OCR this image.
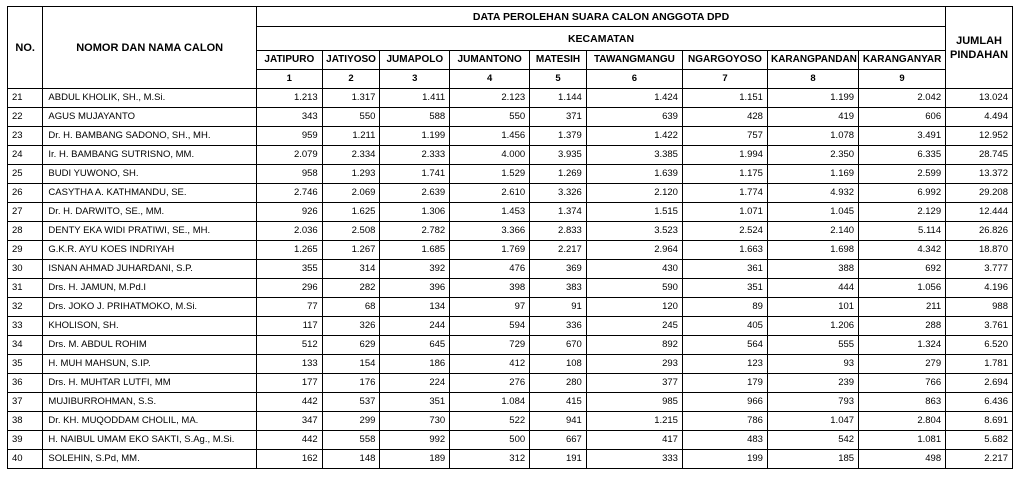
NO.	NOMOR DAN NAMA CALON	DATA PEROLEHAN SUARA CALON ANGGOTA DPD									JUMLAH
PINDAHAN
		KECAMATAN									
		JATIPURO	JATIYOSO	JUMAPOLO	JUMANTONO	MATESIH	TAWANGMANGU	NGARGOYOSO	KARANGPANDAN	KARANGANYAR	
		1	2	3	4	5	6	7	8	9	
21	ABDUL KHOLIK, SH., M.Si.	1.213	1.317	1.411	2.123	1.144	1.424	1.151	1.199	2.042	13.024
22	AGUS MUJAYANTO	343	550	588	550	371	639	428	419	606	4.494
23	Dr. H. BAMBANG SADONO, SH., MH.	959	1.211	1.199	1.456	1.379	1.422	757	1.078	3.491	12.952
24	Ir. H. BAMBANG SUTRISNO, MM.	2.079	2.334	2.333	4.000	3.935	3.385	1.994	2.350	6.335	28.745
25	BUDI YUWONO, SH.	958	1.293	1.741	1.529	1.269	1.639	1.175	1.169	2.599	13.372
26	CASYTHA A. KATHMANDU, SE.	2.746	2.069	2.639	2.610	3.326	2.120	1.774	4.932	6.992	29.208
27	Dr. H. DARWITO, SE., MM.	926	1.625	1.306	1.453	1.374	1.515	1.071	1.045	2.129	12.444
28	DENTY EKA WIDI PRATIWI, SE., MH.	2.036	2.508	2.782	3.366	2.833	3.523	2.524	2.140	5.114	26.826
29	G.K.R. AYU KOES INDRIYAH	1.265	1.267	1.685	1.769	2.217	2.964	1.663	1.698	4.342	18.870
30	ISNAN AHMAD JUHARDANI, S.P.	355	314	392	476	369	430	361	388	692	3.777
31	Drs. H. JAMUN, M.Pd.I	296	282	396	398	383	590	351	444	1.056	4.196
32	Drs. JOKO J. PRIHATMOKO, M.Si.	77	68	134	97	91	120	89	101	211	988
33	KHOLISON, SH.	117	326	244	594	336	245	405	1.206	288	3.761
34	Drs. M. ABDUL ROHIM	512	629	645	729	670	892	564	555	1.324	6.520
35	H. MUH MAHSUN, S.IP.	133	154	186	412	108	293	123	93	279	1.781
36	Drs. H. MUHTAR LUTFI, MM	177	176	224	276	280	377	179	239	766	2.694
37	MUJIBURROHMAN, S.S.	442	537	351	1.084	415	985	966	793	863	6.436
38	Dr. KH. MUQODDAM CHOLIL, MA.	347	299	730	522	941	1.215	786	1.047	2.804	8.691
39	H. NAIBUL UMAM EKO SAKTI, S.Ag., M.Si.	442	558	992	500	667	417	483	542	1.081	5.682
40	SOLEHIN, S.Pd, MM.	162	148	189	312	191	333	199	185	498	2.217
